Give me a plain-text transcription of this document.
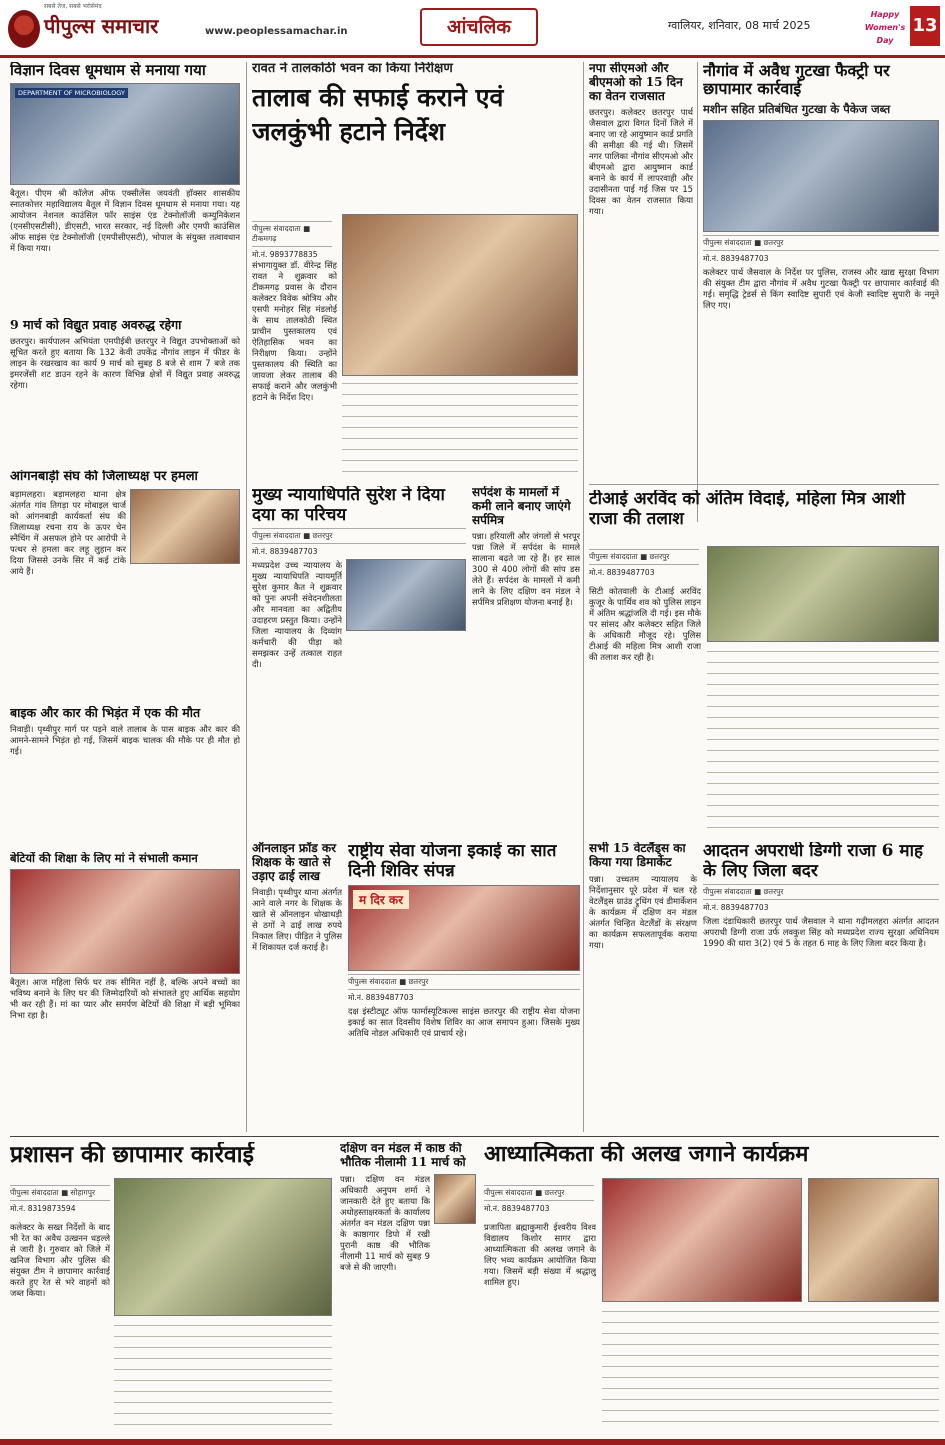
सबसे तेज, सबसे भरोसेमंद
पीपुल्स समाचार	www.peoplessamachar.in	आंचलिक	ग्वालियर, शनिवार, 08 मार्च 2025
Happy Women's Day
13
विज्ञान दिवस धूमधाम से मनाया गया
DEPARTMENT OF MICROBIOLOGY
बैतूल। पीएम श्री कॉलेज ऑफ एक्सीलेंस जयवंती हॉक्सर शासकीय स्नातकोत्तर महाविद्यालय बैतूल में विज्ञान दिवस धूमधाम से मनाया गया। यह आयोजन नेशनल काउंसिल फॉर साइंस एंड टेक्नोलॉजी कम्युनिकेशन (एनसीएसटीसी), डीएसटी, भारत सरकार, नई दिल्ली और एमपी काउंसिल ऑफ साइंस एंड टेक्नोलॉजी (एमपीसीएसटी), भोपाल के संयुक्त तत्वावधान में किया गया।
9 मार्च को विद्युत प्रवाह अवरुद्ध रहेगा
छतरपुर। कार्यपालन अभियंता एमपीईबी छतरपुर ने विद्युत उपभोक्ताओं को सूचित करते हुए बताया कि 132 केवी उपकेंद्र नौगांव लाइन में फीडर के लाइन के रखरखाव का कार्य 9 मार्च को सुबह 8 बजे से शाम 7 बजे तक इमरजेंसी शट डाउन रहने के कारण विभिन्न क्षेत्रों में विद्युत प्रवाह अवरुद्ध रहेगा।
आंगनबाड़ी संघ की जिलाध्यक्ष पर हमला
बड़ामलहरा। बड़ामलहरा थाना क्षेत्र अंतर्गत गांव तिगड़ा पर मोबाइल चार्ज को आंगनबाड़ी कार्यकर्ता संघ की जिलाध्यक्ष रचना राय के ऊपर चेन स्नैचिंग में असफल होने पर आरोपी ने पत्थर से हमला कर लहू लुहान कर दिया जिससे उनके सिर में कई टांके आये हैं।
बाइक और कार की भिड़ंत में एक की मौत
निवाड़ी। पृथ्वीपुर मार्ग पर पड़ने वाले तालाब के पास बाइक और कार की आमने-सामने भिड़ंत हो गई, जिसमें बाइक चालक की मौके पर ही मौत हो गई।
बेटियों की शिक्षा के लिए मां ने संभाली कमान
बैतूल। आज महिला सिर्फ घर तक सीमित नहीं है, बल्कि अपने बच्चों का भविष्य बनाने के लिए घर की जिम्मेदारियों को संभालते हुए आर्थिक सहयोग भी कर रही हैं। मां का प्यार और समर्पण बेटियों की शिक्षा में बड़ी भूमिका निभा रहा है।
रावत ने तालकोठी भवन का किया निरीक्षण
तालाब की सफाई कराने एवं जलकुंभी हटाने निर्देश
पीपुल्स संवाददाता ■ टीकमगढ़
मो.नं. 9893778835
संभागायुक्त डॉ. वीरेन्द्र सिंह रावत ने शुक्रवार को टीकमगढ़ प्रवास के दौरान कलेक्टर विवेक श्रोत्रिय और एसपी मनोहर सिंह मंडलोई के साथ तालकोठी स्थित प्राचीन पुस्तकालय एवं ऐतिहासिक भवन का निरीक्षण किया। उन्होंने पुस्तकालय की स्थिति का जायजा लेकर तालाब की सफाई कराने और जलकुंभी हटाने के निर्देश दिए।
मुख्य न्यायाधिपति सुरेश ने दिया दया का परिचय
पीपुल्स संवाददाता ■ छतरपुर
मो.नं. 8839487703
मध्यप्रदेश उच्च न्यायालय के मुख्य न्यायाधिपति न्यायमूर्ति सुरेश कुमार कैत ने शुक्रवार को पुनः अपनी संवेदनशीलता और मानवता का अद्वितीय उदाहरण प्रस्तुत किया। उन्होंने जिला न्यायालय के दिव्यांग कर्मचारी की पीड़ा को समझकर उन्हें तत्काल राहत दी।
ऑनलाइन फ्रॉड कर शिक्षक के खाते से उड़ाए ढाई लाख
निवाड़ी। पृथ्वीपुर थाना अंतर्गत आने वाले नगर के शिक्षक के खाते से ऑनलाइन धोखाधड़ी से ठगों ने ढाई लाख रुपये निकाल लिए। पीड़ित ने पुलिस में शिकायत दर्ज कराई है।
सर्पदंश के मामलों में कमी लाने बनाए जाएंगे सर्पमित्र
पन्ना। हरियाली और जंगलों से भरपूर पन्ना जिले में सर्पदंश के मामले सालाना बढ़ते जा रहे हैं। हर साल 300 से 400 लोगों की सांप डस लेते हैं। सर्पदंश के मामलों में कमी लाने के लिए दक्षिण वन मंडल ने सर्पमित्र प्रशिक्षण योजना बनाई है।
राष्ट्रीय सेवा योजना इकाई का सात दिनी शिविर संपन्न
म दिर कर
पीपुल्स संवाददाता ■ छतरपुर
मो.नं. 8839487703
दक्ष इंस्टीट्यूट ऑफ फार्मास्यूटिकल्स साइंस छतरपुर की राष्ट्रीय सेवा योजना इकाई का सात दिवसीय विशेष शिविर का आज समापन हुआ। जिसके मुख्य अतिथि नोडल अधिकारी एवं प्राचार्य रहे।
नपा सीएमओ और बीएमओ को 15 दिन का वेतन राजसात
छतरपुर। कलेक्टर छतरपुर पार्थ जैसवाल द्वारा विगत दिनों जिले में बनाए जा रहे आयुष्मान कार्ड प्रगति की समीक्षा की गई थी। जिसमें नगर पालिका नौगांव सीएमओ और बीएमओ द्वारा आयुष्मान कार्ड बनाने के कार्य में लापरवाही और उदासीनता पाई गई जिस पर 15 दिवस का वेतन राजसात किया गया।
नौगांव में अवैध गुटखा फैक्ट्री पर छापामार कार्रवाई
मशीन सहित प्रतिबंधित गुटखा के पैकेज जब्त
पीपुल्स संवाददाता ■ छतरपुर
मो.नं. 8839487703
कलेक्टर पार्थ जैसवाल के निर्देश पर पुलिस, राजस्व और खाद्य सुरक्षा विभाग की संयुक्त टीम द्वारा नौगांव में अवैध गुटखा फैक्ट्री पर छापामार कार्रवाई की गई। समृद्धि ट्रेडर्स से किंग स्वादिष्ट सुपारी एवं केजी स्वादिष्ट सुपारी के नमूने लिए गए।
टीआई अरविंद को अंतिम विदाई, महिला मित्र आशी राजा की तलाश
पीपुल्स संवाददाता ■ छतरपुर
मो.नं. 8839487703
सिटी कोतवाली के टीआई अरविंद कुजूर के पार्थिव शव को पुलिस लाइन में अंतिम श्रद्धांजलि दी गई। इस मौके पर सांसद और कलेक्टर सहित जिले के अधिकारी मौजूद रहे। पुलिस टीआई की महिला मित्र आशी राजा की तलाश कर रही है।
सभी 15 वेटलैंड्स का किया गया डिमार्केट
पन्ना। उच्चतम न्यायालय के निर्देशानुसार पूरे प्रदेश में चल रहे वेटलैंड्स ग्राउंड ट्रुथिंग एवं डीमार्केशन के कार्यक्रम में दक्षिण वन मंडल अंतर्गत चिन्हित वेटलैंडों के संरक्षण का कार्यक्रम सफलतापूर्वक कराया गया।
आदतन अपराधी डिग्गी राजा 6 माह के लिए जिला बदर
पीपुल्स संवाददाता ■ छतरपुर
मो.नं. 8839487703
जिला दंडाधिकारी छतरपुर पार्थ जैसवाल ने थाना गढ़ीमलहरा अंतर्गत आदतन अपराधी डिग्गी राजा उर्फ लवकुश सिंह को मध्यप्रदेश राज्य सुरक्षा अधिनियम 1990 की धारा 3(2) एवं 5 के तहत 6 माह के लिए जिला बदर किया है।
प्रशासन की छापामार कार्रवाई
पीपुल्स संवाददाता ■ सोहागपुर
मो.नं. 8319873594
कलेक्टर के सख्त निर्देशों के बाद भी रेत का अवैध उत्खनन धड़ल्ले से जारी है। गुरुवार को जिले में खनिज विभाग और पुलिस की संयुक्त टीम ने छापामार कार्रवाई करते हुए रेत से भरे वाहनों को जब्त किया।
दक्षिण वन मंडल में काष्ठ की भौतिक नीलामी 11 मार्च को
पन्ना। दक्षिण वन मंडल अधिकारी अनुपम शर्मा ने जानकारी देते हुए बताया कि अधोहस्ताक्षरकर्ता के कार्यालय अंतर्गत वन मंडल दक्षिण पन्ना के काष्ठागार डिपो में रखी पुरानी काष्ठ की भौतिक नीलामी 11 मार्च को सुबह 9 बजे से की जाएगी।
आध्यात्मिकता की अलख जगाने कार्यक्रम
पीपुल्स संवाददाता ■ छतरपुर
मो.नं. 8839487703
प्रजापिता ब्रह्माकुमारी ईश्वरीय विश्व विद्यालय किशोर सागर द्वारा आध्यात्मिकता की अलख जगाने के लिए भव्य कार्यक्रम आयोजित किया गया। जिसमें बड़ी संख्या में श्रद्धालु शामिल हुए।
